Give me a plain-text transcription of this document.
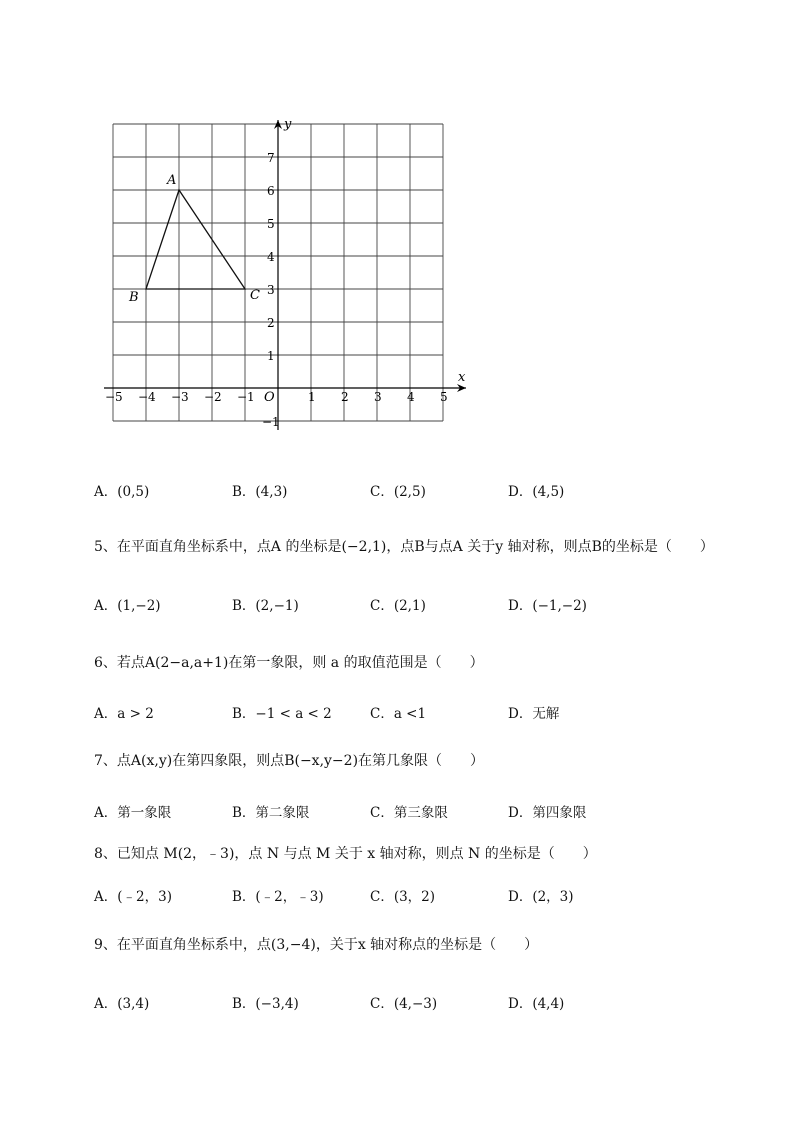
x
y
O
−5 −4 −3 −2 −1	1 2 3 4 5
7
6
5
4
3
2
1
−1
A
B	C
A．(0,5)	B．(4,3)	C．(2,5)	D．(4,5)
5、在平面直角坐标系中，点A 的坐标是(−2,1)，点B与点A 关于y 轴对称，则点B的坐标是（　　）
A．(1,−2)	B．(2,−1)	C．(2,1)	D．(−1,−2)
6、若点A(2−a,a+1)在第一象限，则 a 的取值范围是（　　）
A．a > 2	B．−1 < a < 2	C．a <1	D．无解
7、点A(x,y)在第四象限，则点B(−x,y−2)在第几象限（　　）
A．第一象限	B．第二象限	C．第三象限	D．第四象限
8、已知点 M(2，﹣3)，点 N 与点 M 关于 x 轴对称，则点 N 的坐标是（　　）
A．(﹣2，3)	B．(﹣2，﹣3)	C．(3，2)	D．(2，3)
9、在平面直角坐标系中，点(3,−4)，关于x 轴对称点的坐标是（　　）
A．(3,4)	B．(−3,4)	C．(4,−3)	D．(4,4)
